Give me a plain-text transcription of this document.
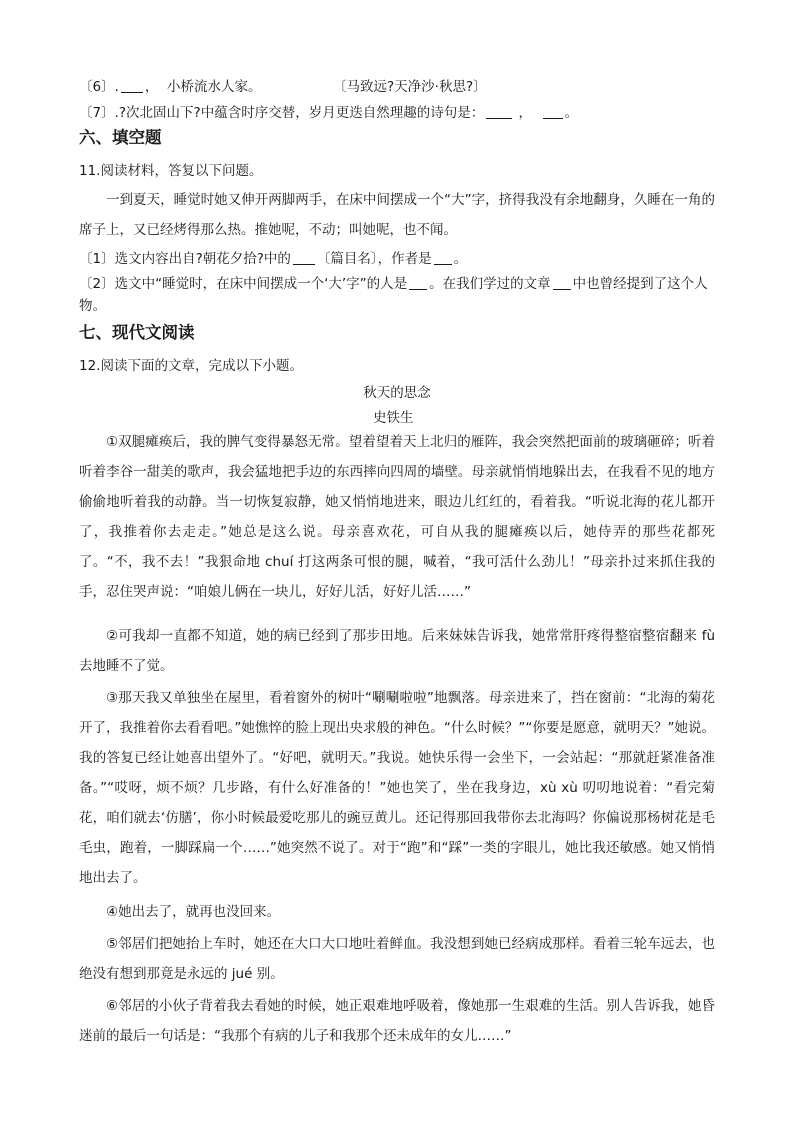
〔6〕. ， 小桥流水人家。	〔马致远?天净沙·秋思?〕
〔7〕.?次北固山下?中蕴含时序交替，岁月更迭自然理趣的诗句是：	， 。
六、填空题
11.阅读材料，答复以下问题。
一到夏天，睡觉时她又伸开两脚两手，在床中间摆成一个“大”字，挤得我没有余地翻身，久睡在一角的席子上，又已经烤得那么热。推她呢，不动；叫她呢，也不闻。
〔1〕选文内容出自?朝花夕拾?中的 〔篇目名〕，作者是 。
〔2〕选文中“睡觉时，在床中间摆成一个‘大’字”的人是 。在我们学过的文章 中也曾经提到了这个人物。
七、现代文阅读
12.阅读下面的文章，完成以下小题。
秋天的思念
史铁生
①双腿瘫痪后，我的脾气变得暴怒无常。望着望着天上北归的雁阵，我会突然把面前的玻璃砸碎；听着听着李谷一甜美的歌声，我会猛地把手边的东西摔向四周的墙壁。母亲就悄悄地躲出去，在我看不见的地方偷偷地听着我的动静。当一切恢复寂静，她又悄悄地进来，眼边儿红红的，看着我。“听说北海的花儿都开了，我推着你去走走。”她总是这么说。母亲喜欢花，可自从我的腿瘫痪以后，她侍弄的那些花都死了。“不，我不去！”我狠命地 chuí 打这两条可恨的腿，喊着，“我可活什么劲儿！”母亲扑过来抓住我的手，忍住哭声说：“咱娘儿俩在一块儿，好好儿活，好好儿活……”
②可我却一直都不知道，她的病已经到了那步田地。后来妹妹告诉我，她常常肝疼得整宿整宿翻来 fù 去地睡不了觉。
③那天我又单独坐在屋里，看着窗外的树叶“唰唰啦啦”地飘落。母亲进来了，挡在窗前：“北海的菊花开了，我推着你去看看吧。”她憔悴的脸上现出央求般的神色。“什么时候？”“你要是愿意，就明天？”她说。我的答复已经让她喜出望外了。“好吧，就明天。”我说。她快乐得一会坐下，一会站起：“那就赶紧准备准备。”“哎呀，烦不烦？几步路，有什么好准备的！”她也笑了，坐在我身边，xù xù 叨叨地说着：“看完菊花，咱们就去‘仿膳’，你小时候最爱吃那儿的豌豆黄儿。还记得那回我带你去北海吗？你偏说那杨树花是毛毛虫，跑着，一脚踩扁一个……”她突然不说了。对于“跑”和“踩”一类的字眼儿，她比我还敏感。她又悄悄地出去了。
④她出去了，就再也没回来。
⑤邻居们把她抬上车时，她还在大口大口地吐着鲜血。我没想到她已经病成那样。看着三轮车远去，也绝没有想到那竟是永远的 jué 别。
⑥邻居的小伙子背着我去看她的时候，她正艰难地呼吸着，像她那一生艰难的生活。别人告诉我，她昏迷前的最后一句话是：“我那个有病的儿子和我那个还未成年的女儿……”
